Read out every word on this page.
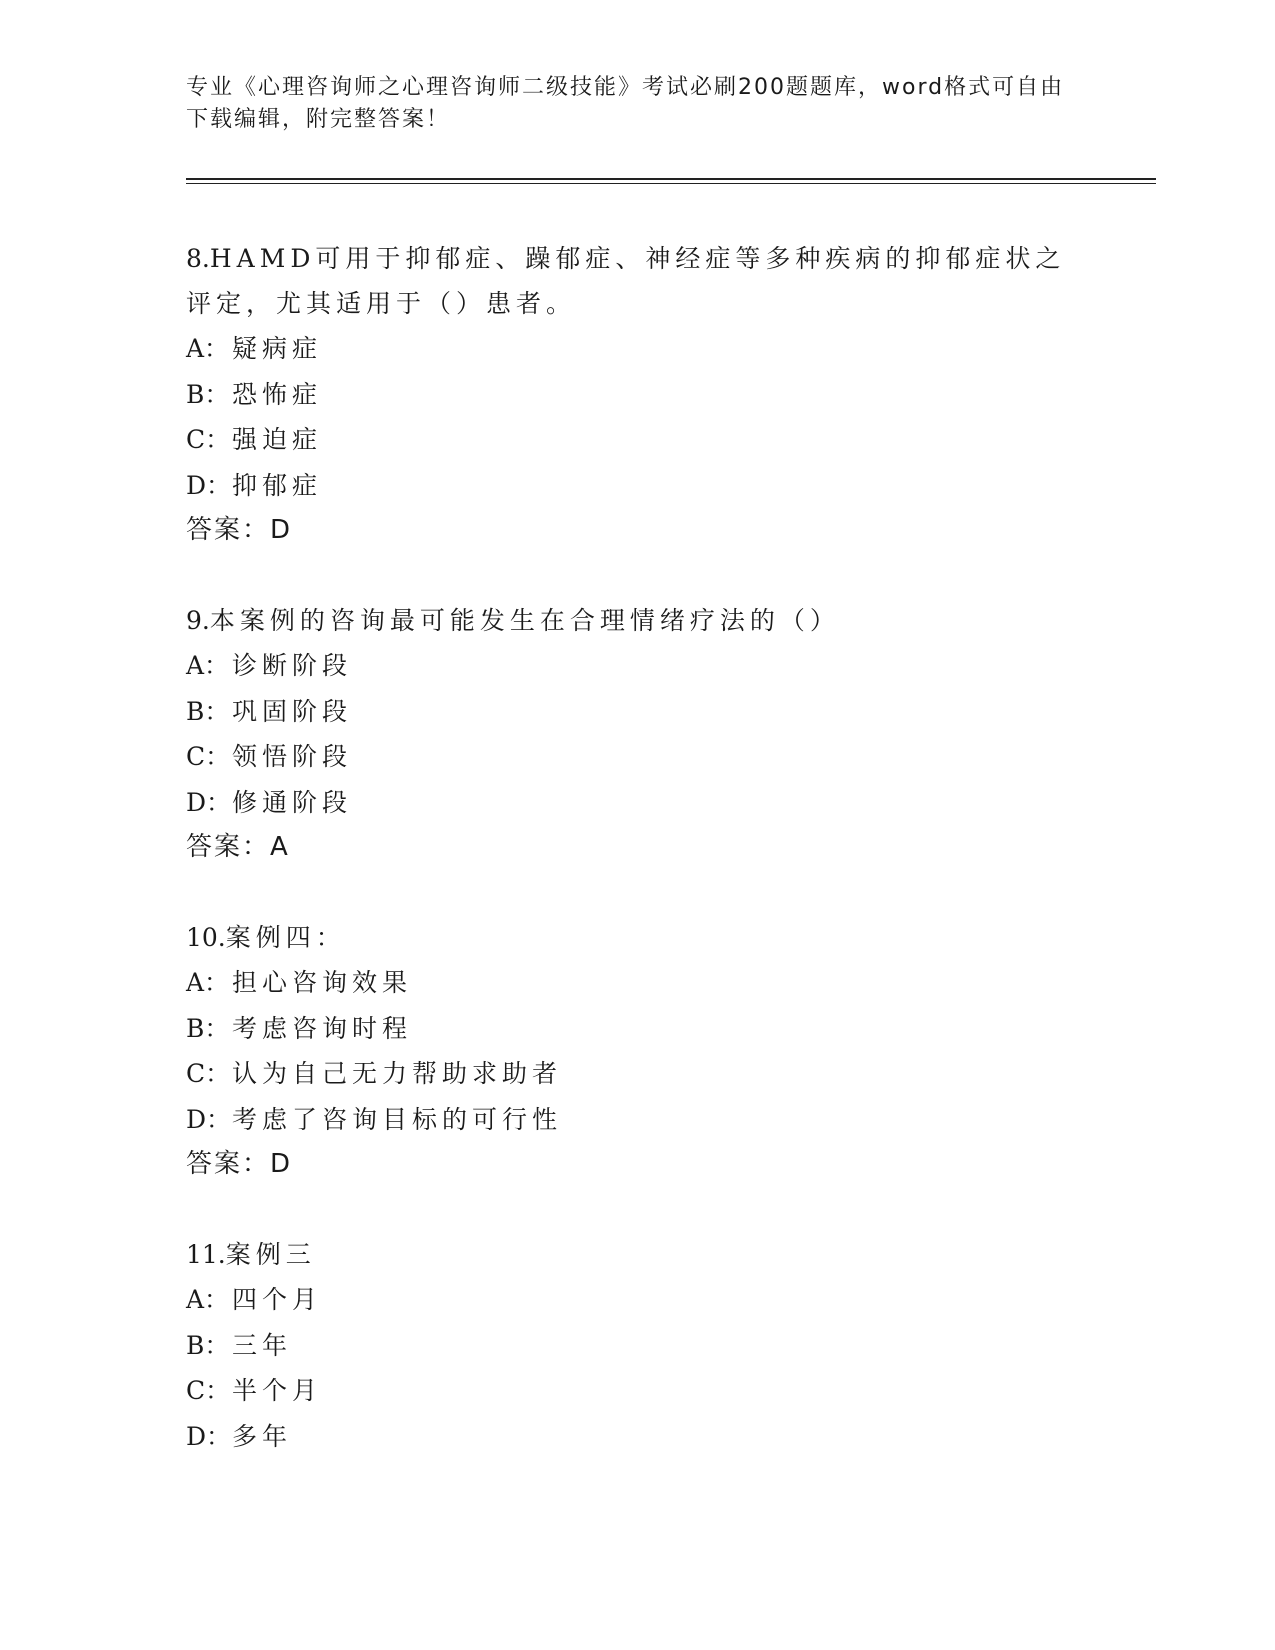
专业《心理咨询师之心理咨询师二级技能》考试必刷200题题库，word格式可自由下载编辑，附完整答案！

8.HAMD可用于抑郁症、躁郁症、神经症等多种疾病的抑郁症状之评定，尤其适用于（）患者。

A： 疑病症

B： 恐怖症

C： 强迫症

D： 抑郁症

答案：D

9.本案例的咨询最可能发生在合理情绪疗法的（）

A： 诊断阶段

B： 巩固阶段

C： 领悟阶段

D： 修通阶段

答案：A

10.案例四：

A： 担心咨询效果

B： 考虑咨询时程

C： 认为自己无力帮助求助者

D： 考虑了咨询目标的可行性

答案：D

11.案例三

A： 四个月

B： 三年

C： 半个月

D： 多年
